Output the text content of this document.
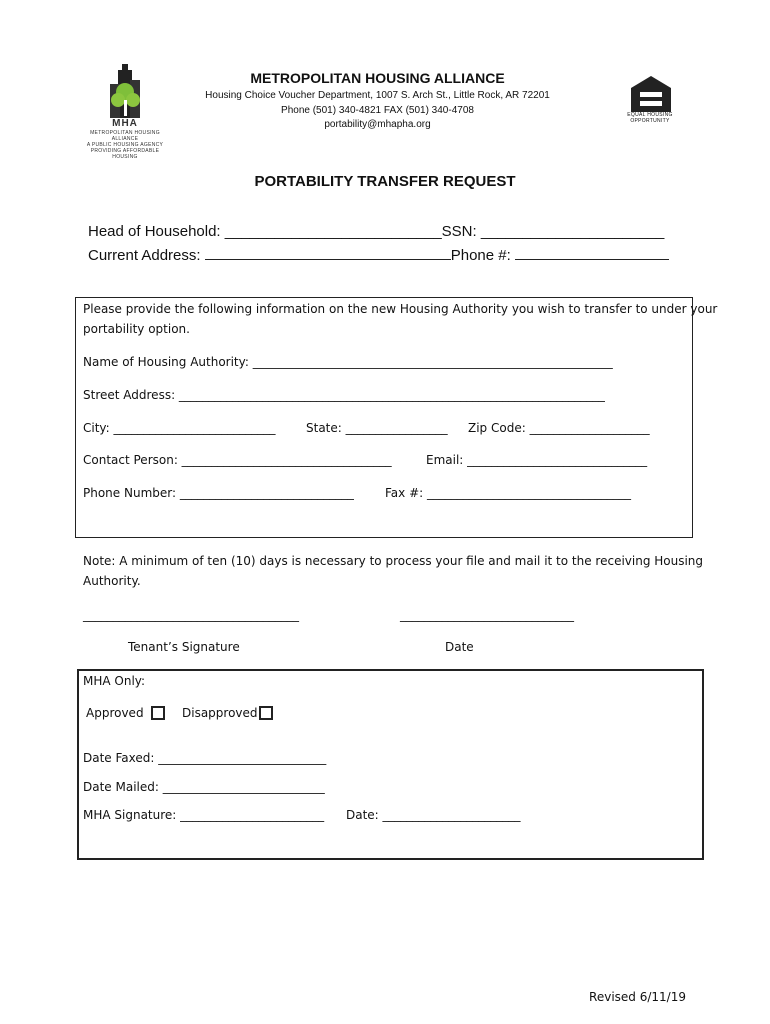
MHA
METROPOLITAN HOUSING ALLIANCE
A PUBLIC HOUSING AGENCY PROVIDING AFFORDABLE HOUSING
METROPOLITAN HOUSING ALLIANCE
Housing Choice Voucher Department, 1007 S. Arch St., Little Rock, AR 72201
Phone (501) 340-4821 FAX (501) 340-4708
portability@mhapha.org
EQUAL HOUSING OPPORTUNITY
PORTABILITY TRANSFER REQUEST
Head of Household: __________________________SSN: ______________________
Current Address:	Phone #:
Please provide the following information on the new Housing Authority you wish to transfer to under your
portability option.
Name of Housing Authority: ____________________________________________________________
Street Address: _______________________________________________________________________
City: ___________________________	State: _________________ Zip Code: ____________________
Contact Person: ___________________________________	Email: ______________________________
Phone Number: _____________________________	Fax #: __________________________________
Note: A minimum of ten (10) days is necessary to process your file and mail it to the receiving Housing
Authority.
____________________________________	_____________________________
Tenant’s Signature	Date
MHA Only:
Approved	Disapproved
Date Faxed: ____________________________
Date Mailed: ___________________________
MHA Signature: ________________________ Date: _______________________
Revised 6/11/19
